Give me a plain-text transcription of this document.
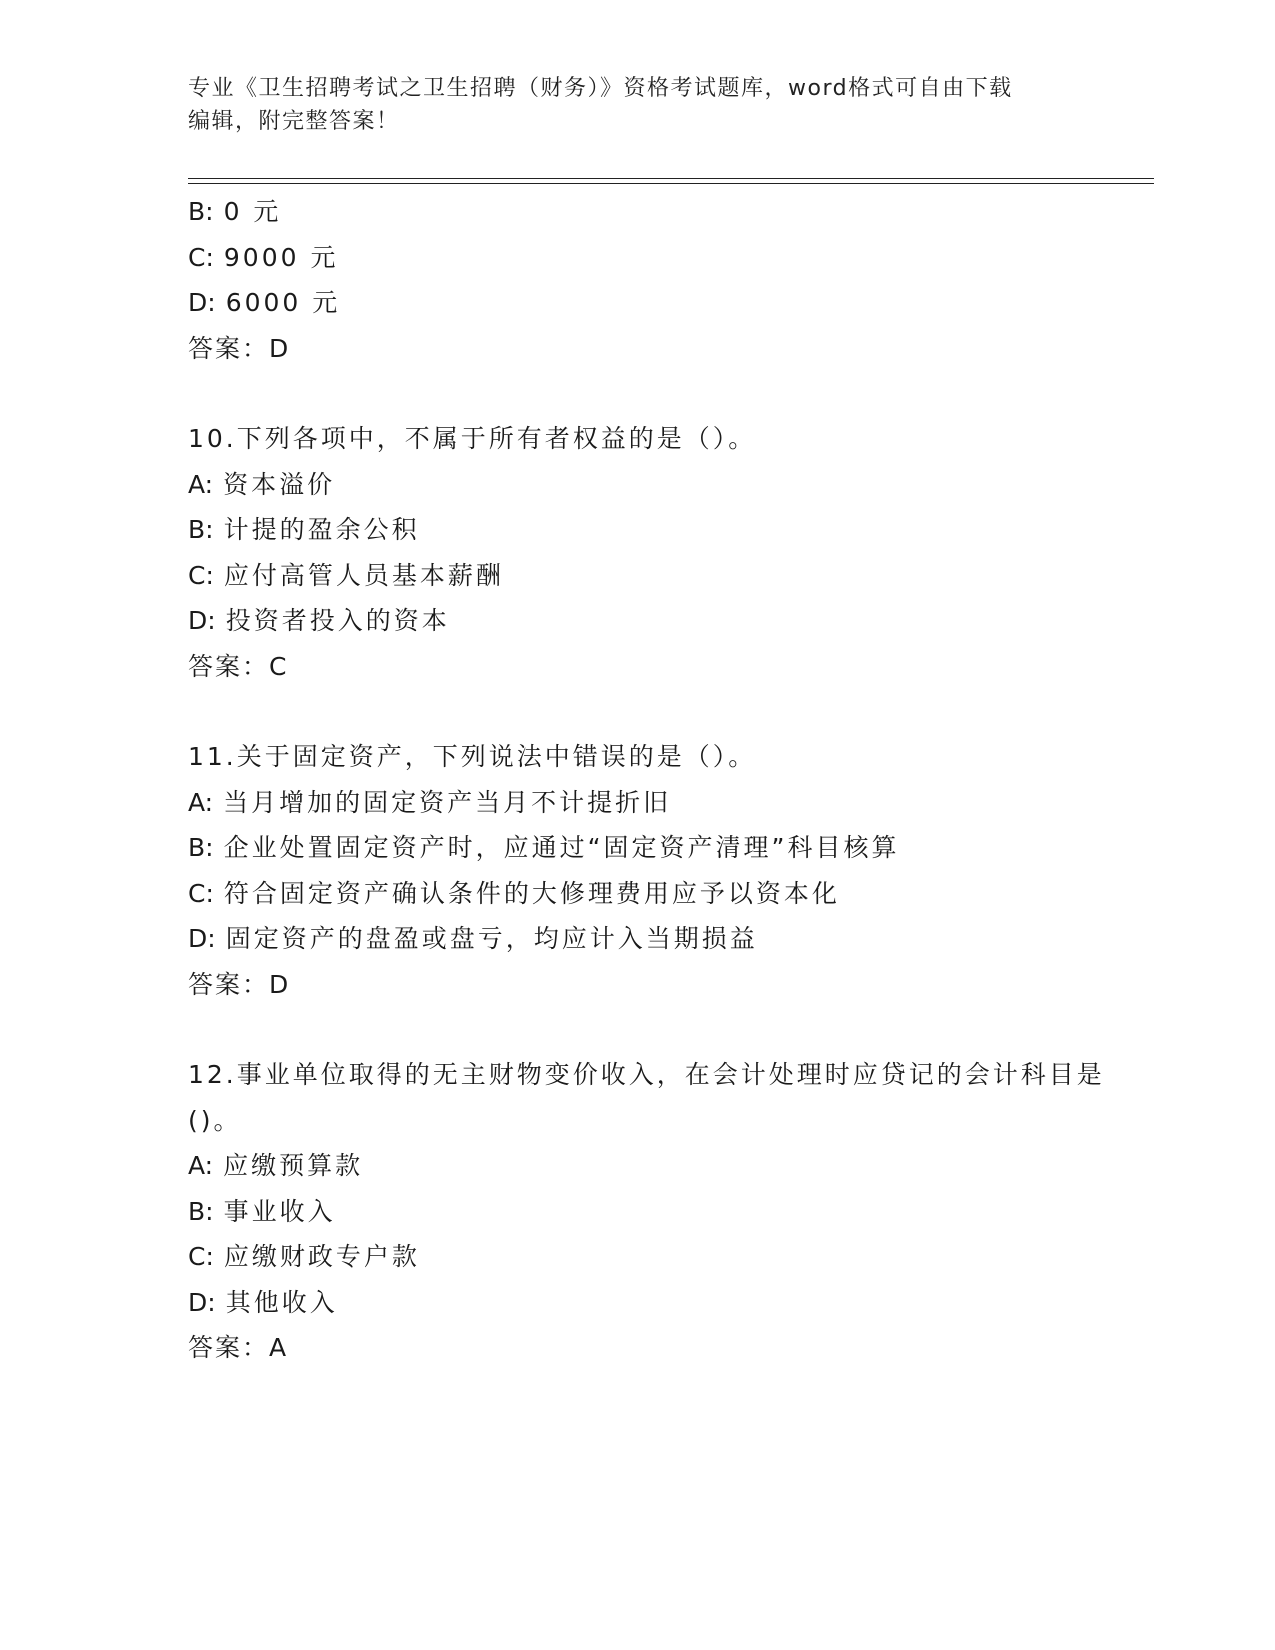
专业《卫生招聘考试之卫生招聘（财务）》资格考试题库，word格式可自由下载
编辑，附完整答案！
B: 0 元
C: 9000 元
D: 6000 元
答案：D
10.下列各项中，不属于所有者权益的是（）。
A: 资本溢价
B: 计提的盈余公积
C: 应付高管人员基本薪酬
D: 投资者投入的资本
答案：C
11.关于固定资产，下列说法中错误的是（）。
A: 当月增加的固定资产当月不计提折旧
B: 企业处置固定资产时，应通过“固定资产清理”科目核算
C: 符合固定资产确认条件的大修理费用应予以资本化
D: 固定资产的盘盈或盘亏，均应计入当期损益
答案：D
12.事业单位取得的无主财物变价收入，在会计处理时应贷记的会计科目是()。
A: 应缴预算款
B: 事业收入
C: 应缴财政专户款
D: 其他收入
答案：A
